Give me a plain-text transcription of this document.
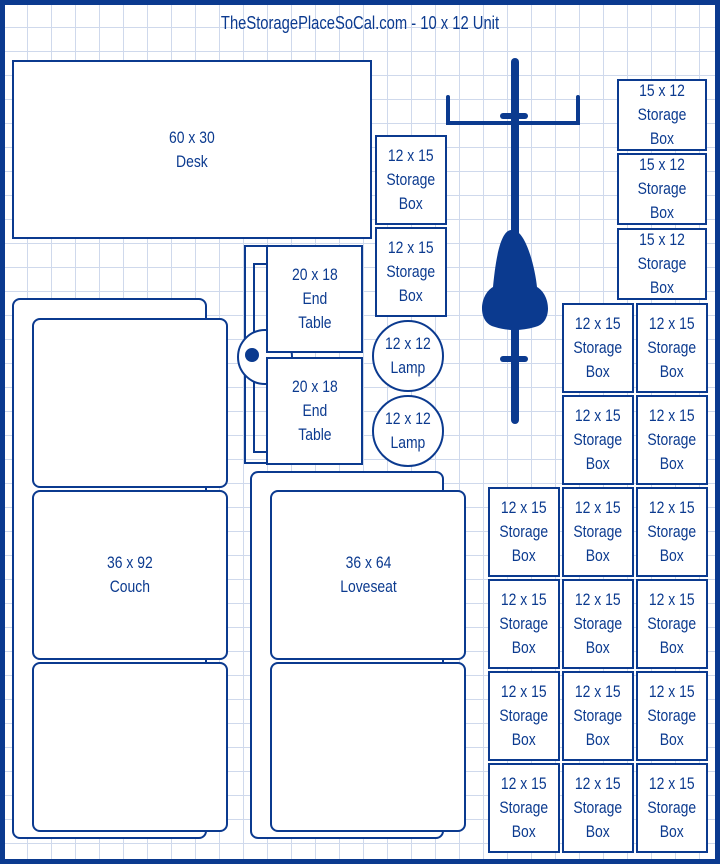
TheStoragePlaceSoCal.com - 10 x 12 Unit
60 x 30
Desk	12 x 15
Storage
Box
12 x 15
Storage
Box
20 x 18
End
Table
20 x 18
End
Table
12 x 12
Lamp
12 x 12
Lamp
36 x 92
Couch
36 x 64
Loveseat
15 x 12
Storage Box
15 x 12
Storage Box
15 x 12
Storage Box
12 x 15
Storage
Box
12 x 15
Storage
Box
12 x 15
Storage
Box
12 x 15
Storage
Box
12 x 15
Storage
Box
12 x 15
Storage
Box
12 x 15
Storage
Box
12 x 15
Storage
Box
12 x 15
Storage
Box
12 x 15
Storage
Box
12 x 15
Storage
Box
12 x 15
Storage
Box
12 x 15
Storage
Box
12 x 15
Storage
Box
12 x 15
Storage
Box
12 x 15
Storage
Box
